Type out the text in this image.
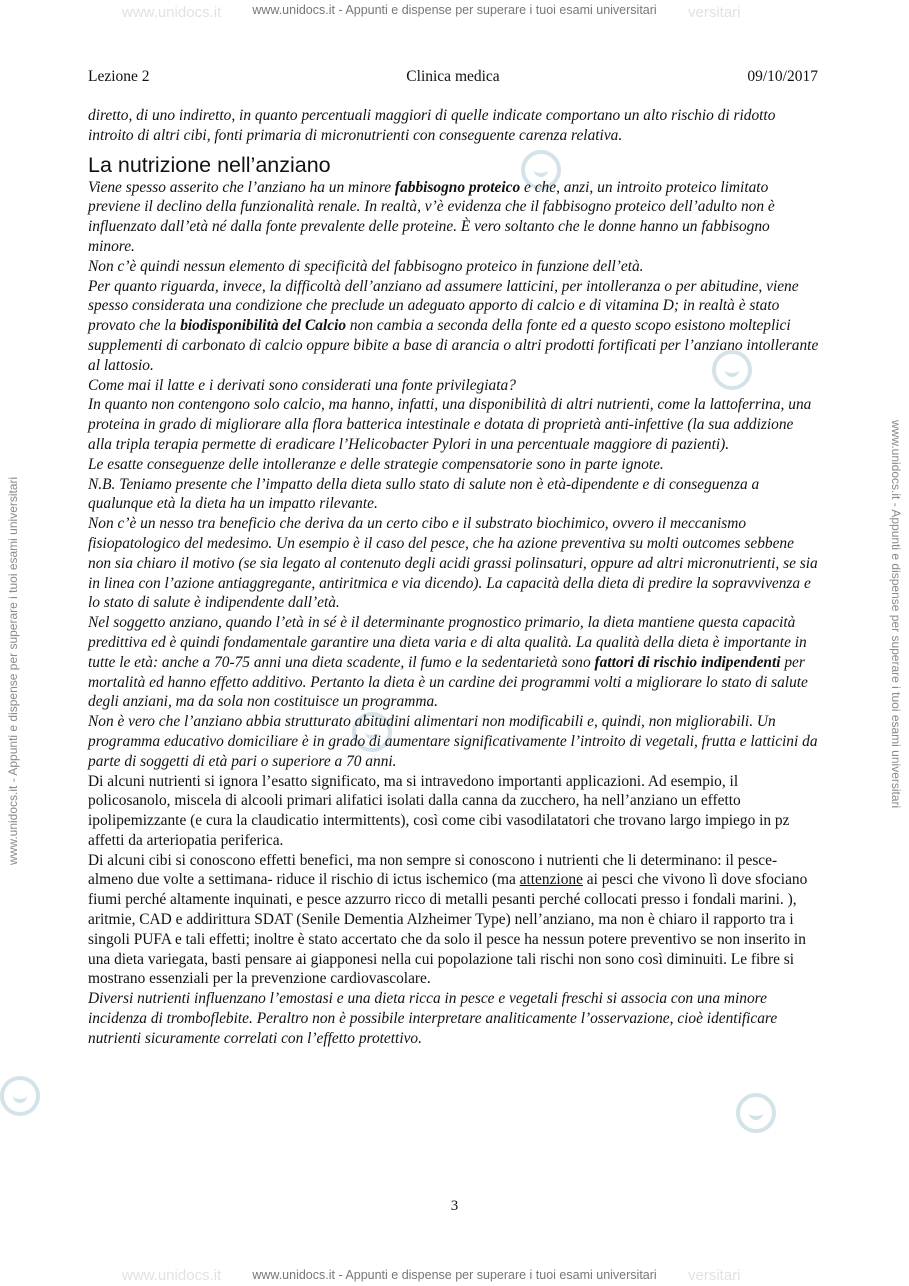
www.unidocs.it	versitari
www.unidocs.it - Appunti e dispense per superare i tuoi esami universitari
www.unidocs.it	versitari
www.unidocs.it - Appunti e dispense per superare i tuoi esami universitari
www.unidocs.it - Appunti e dispense per superare i tuoi esami universitari	www.unidocs.it - Appunti e dispense per superare i tuoi esami universitari
Lezione 2	Clinica medica	09/10/2017

diretto, di uno indiretto, in quanto percentuali maggiori di quelle indicate comportano un alto rischio di ridotto introito di altri cibi, fonti primaria di micronutrienti con conseguente carenza relativa.

La nutrizione nell’anziano

Viene spesso asserito che l’anziano ha un minore fabbisogno proteico e che, anzi, un introito proteico limitato previene il declino della funzionalità renale. In realtà, v’è evidenza che il fabbisogno proteico dell’adulto non è influenzato dall’età né dalla fonte prevalente delle proteine. È vero soltanto che le donne hanno un fabbisogno minore.

Non c’è quindi nessun elemento di specificità del fabbisogno proteico in funzione dell’età.

Per quanto riguarda, invece, la difficoltà dell’anziano ad assumere latticini, per intolleranza o per abitudine, viene spesso considerata una condizione che preclude un adeguato apporto di calcio e di vitamina D; in realtà è stato provato che la biodisponibilità del Calcio non cambia a seconda della fonte ed a questo scopo esistono molteplici supplementi di carbonato di calcio oppure bibite a base di arancia o altri prodotti fortificati per l’anziano intollerante al lattosio.

Come mai il latte e i derivati sono considerati una fonte privilegiata?

In quanto non contengono solo calcio, ma hanno, infatti, una disponibilità di altri nutrienti, come la lattoferrina, una proteina in grado di migliorare alla flora batterica intestinale e dotata di proprietà anti-infettive (la sua addizione alla tripla terapia permette di eradicare l’Helicobacter Pylori in una percentuale maggiore di pazienti).

Le esatte conseguenze delle intolleranze e delle strategie compensatorie sono in parte ignote.

N.B. Teniamo presente che l’impatto della dieta sullo stato di salute non è età-dipendente e di conseguenza a qualunque età la dieta ha un impatto rilevante.

Non c’è un nesso tra beneficio che deriva da un certo cibo e il substrato biochimico, ovvero il meccanismo fisiopatologico del medesimo. Un esempio è il caso del pesce, che ha azione preventiva su molti outcomes sebbene non sia chiaro il motivo (se sia legato al contenuto degli acidi grassi polinsaturi, oppure ad altri micronutrienti, se sia in linea con l’azione antiaggregante, antiritmica e via dicendo). La capacità della dieta di predire la sopravvivenza e lo stato di salute è indipendente dall’età.

Nel soggetto anziano, quando l’età in sé è il determinante prognostico primario, la dieta mantiene questa capacità predittiva ed è quindi fondamentale garantire una dieta varia e di alta qualità. La qualità della dieta è importante in tutte le età: anche a 70-75 anni una dieta scadente, il fumo e la sedentarietà sono fattori di rischio indipendenti per mortalità ed hanno effetto additivo. Pertanto la dieta è un cardine dei programmi volti a migliorare lo stato di salute degli anziani, ma da sola non costituisce un programma.

Non è vero che l’anziano abbia strutturato abitudini alimentari non modificabili e, quindi, non migliorabili. Un programma educativo domiciliare è in grado di aumentare significativamente l’introito di vegetali, frutta e latticini da parte di soggetti di età pari o superiore a 70 anni.

Di alcuni nutrienti si ignora l’esatto significato, ma si intravedono importanti applicazioni. Ad esempio, il policosanolo, miscela di alcooli primari alifatici isolati dalla canna da zucchero, ha nell’anziano un effetto ipolipemizzante (e cura la claudicatio intermittents), così come cibi vasodilatatori che trovano largo impiego in pz affetti da arteriopatia periferica.

Di alcuni cibi si conoscono effetti benefici, ma non sempre si conoscono i nutrienti che li determinano: il pesce- almeno due volte a settimana- riduce il rischio di ictus ischemico (ma attenzione ai pesci che vivono lì dove sfociano fiumi perché altamente inquinati, e pesce azzurro ricco di metalli pesanti perché collocati presso i fondali marini. ), aritmie, CAD e addirittura SDAT (Senile Dementia Alzheimer Type) nell’anziano, ma non è chiaro il rapporto tra i singoli PUFA e tali effetti; inoltre è stato accertato che da solo il pesce ha nessun potere preventivo se non inserito in una dieta variegata, basti pensare ai giapponesi nella cui popolazione tali rischi non sono così diminuiti. Le fibre si mostrano essenziali per la prevenzione cardiovascolare.

Diversi nutrienti influenzano l’emostasi e una dieta ricca in pesce e vegetali freschi si associa con una minore incidenza di tromboflebite. Peraltro non è possibile interpretare analiticamente l’osservazione, cioè identificare nutrienti sicuramente correlati con l’effetto protettivo.

3
